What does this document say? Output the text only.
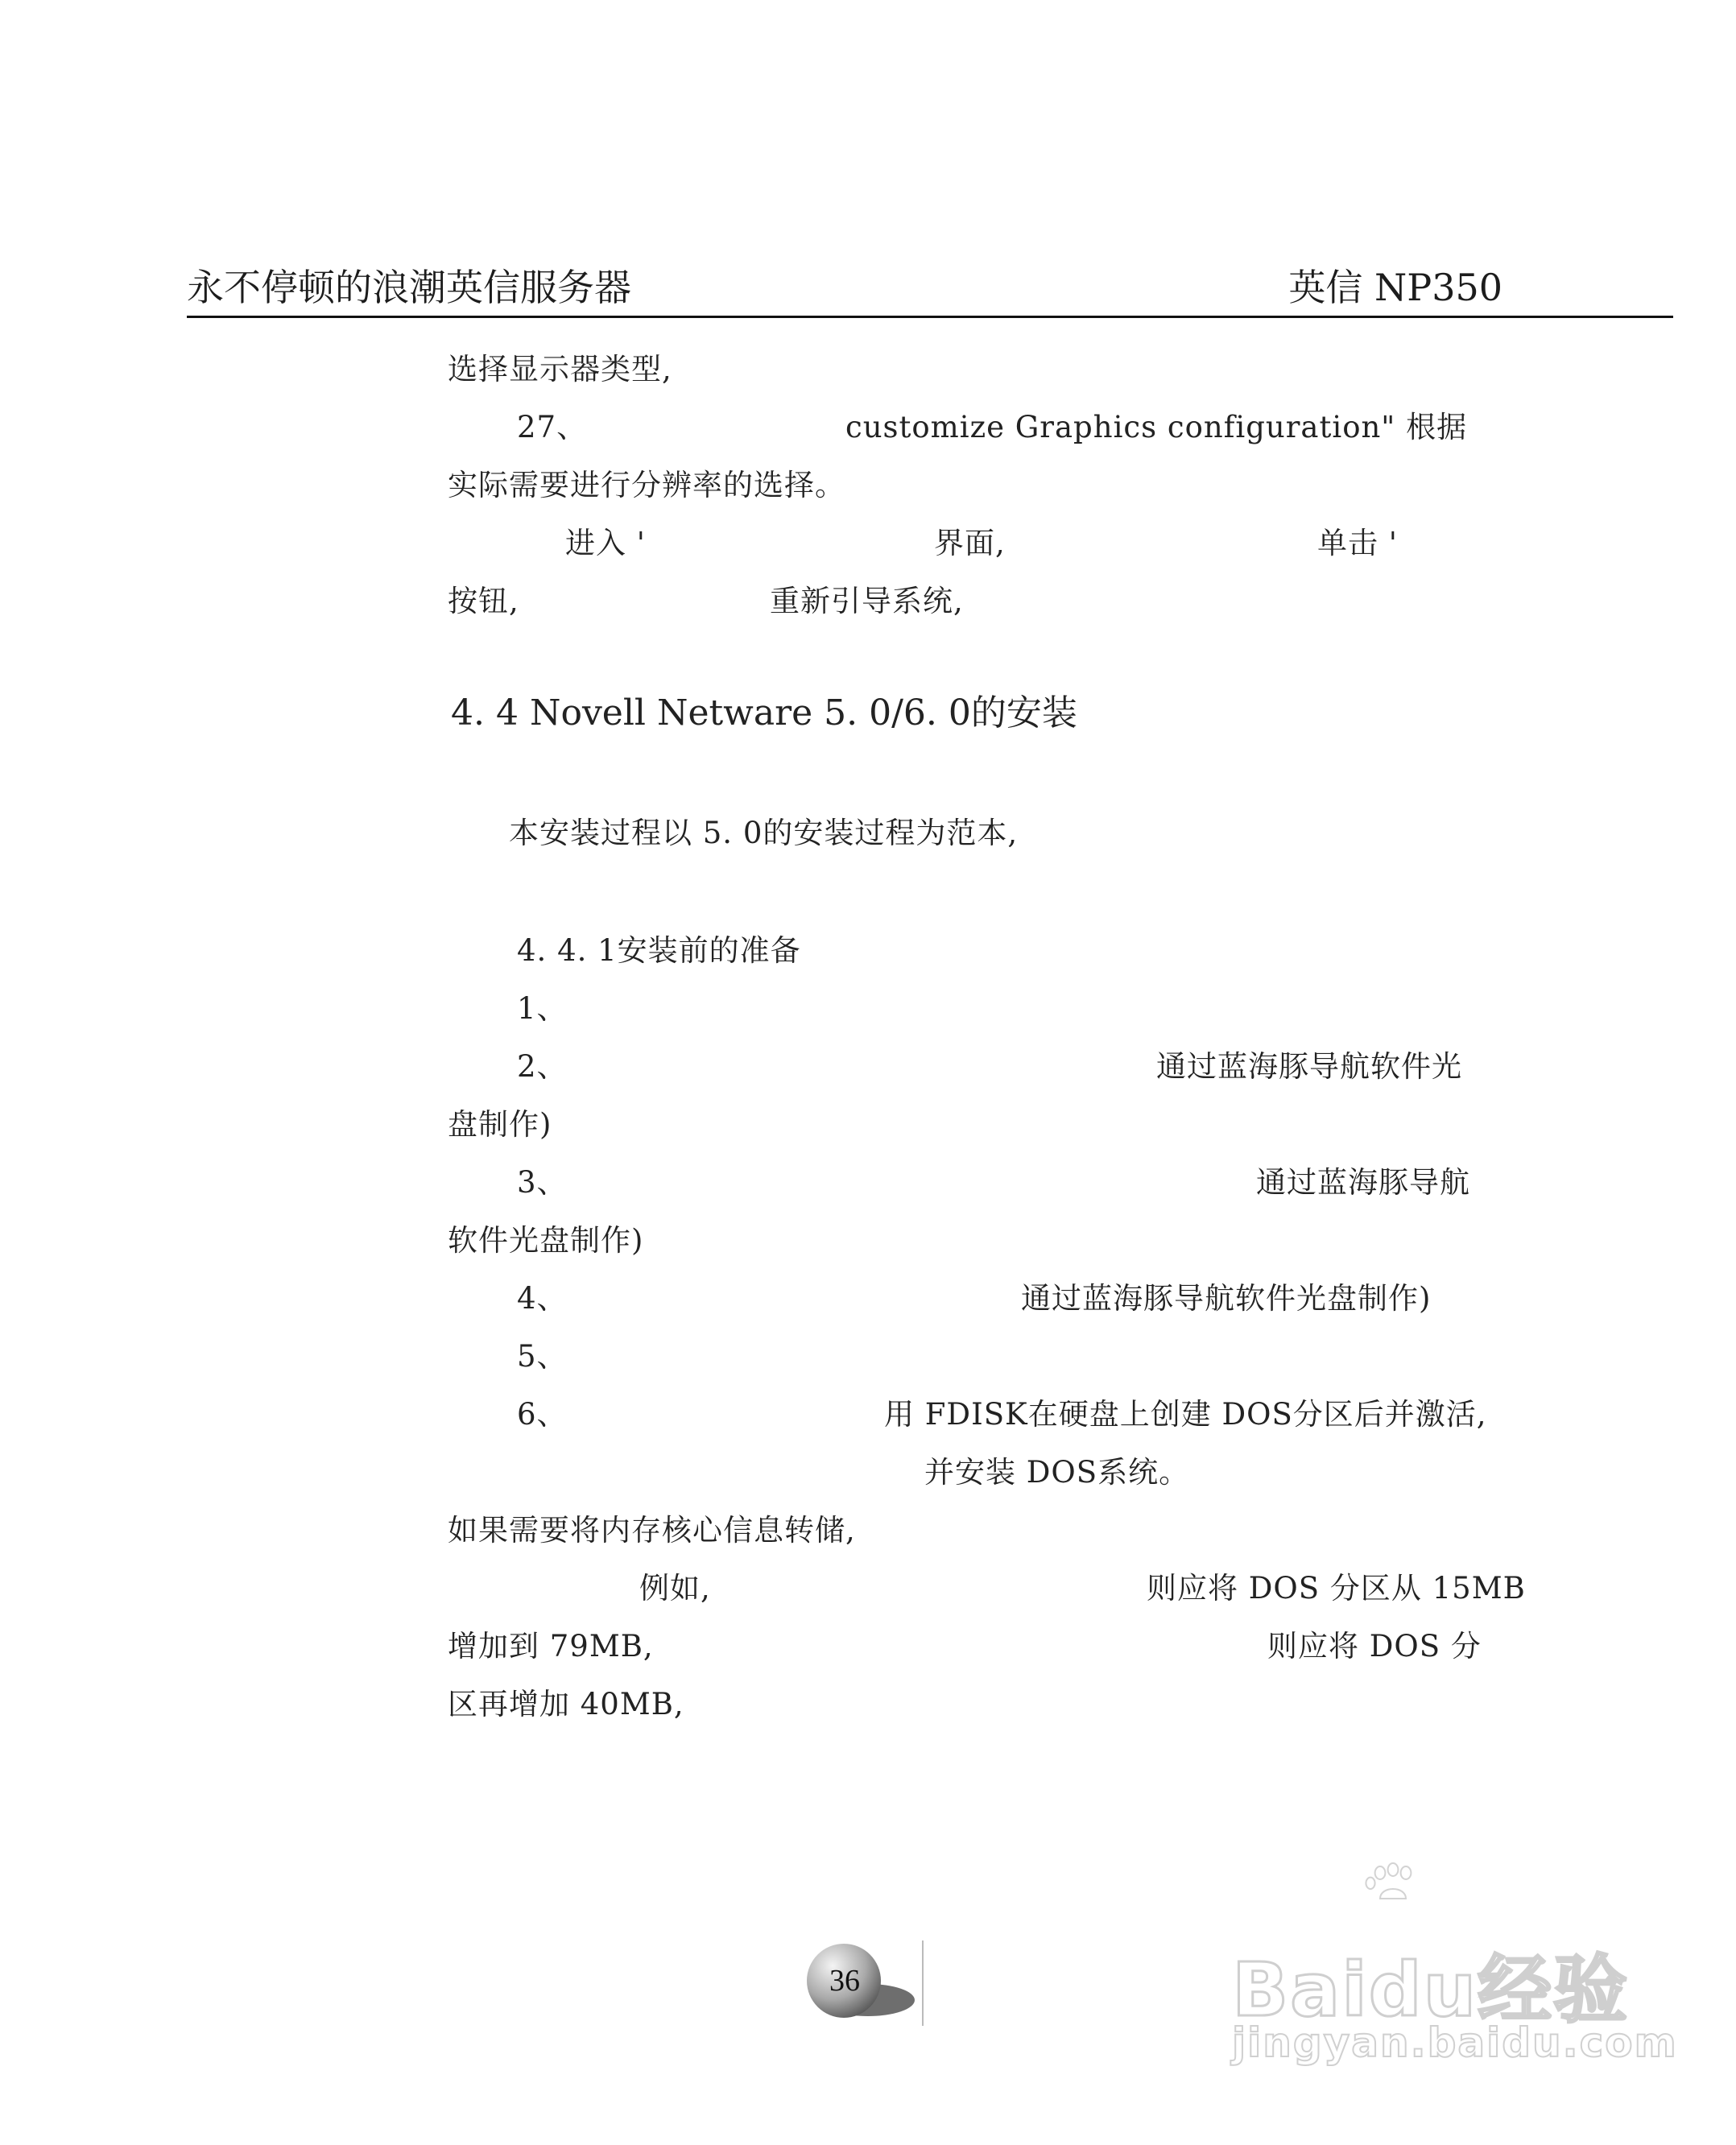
永不停顿的浪潮英信服务器	英信 NP350
选择显示器类型,
27、	customize Graphics configuration" 根据
实际需要进行分辨率的选择。
进入 '	界面,	单击 '
按钮,	重新引导系统,
4. 4 Novell Netware 5. 0/6. 0的安装
本安装过程以 5. 0的安装过程为范本,
4. 4. 1安装前的准备
1、
2、	通过蓝海豚导航软件光
盘制作)
3、	通过蓝海豚导航
软件光盘制作)
4、	通过蓝海豚导航软件光盘制作)
5、
6、	用 FDISK在硬盘上创建 DOS分区后并激活,
并安装 DOS系统。
如果需要将内存核心信息转储,
例如,	则应将 DOS 分区从 15MB
增加到 79MB,	则应将 DOS 分
区再增加 40MB,
36	Baidu经验
jingyan.baidu.com
